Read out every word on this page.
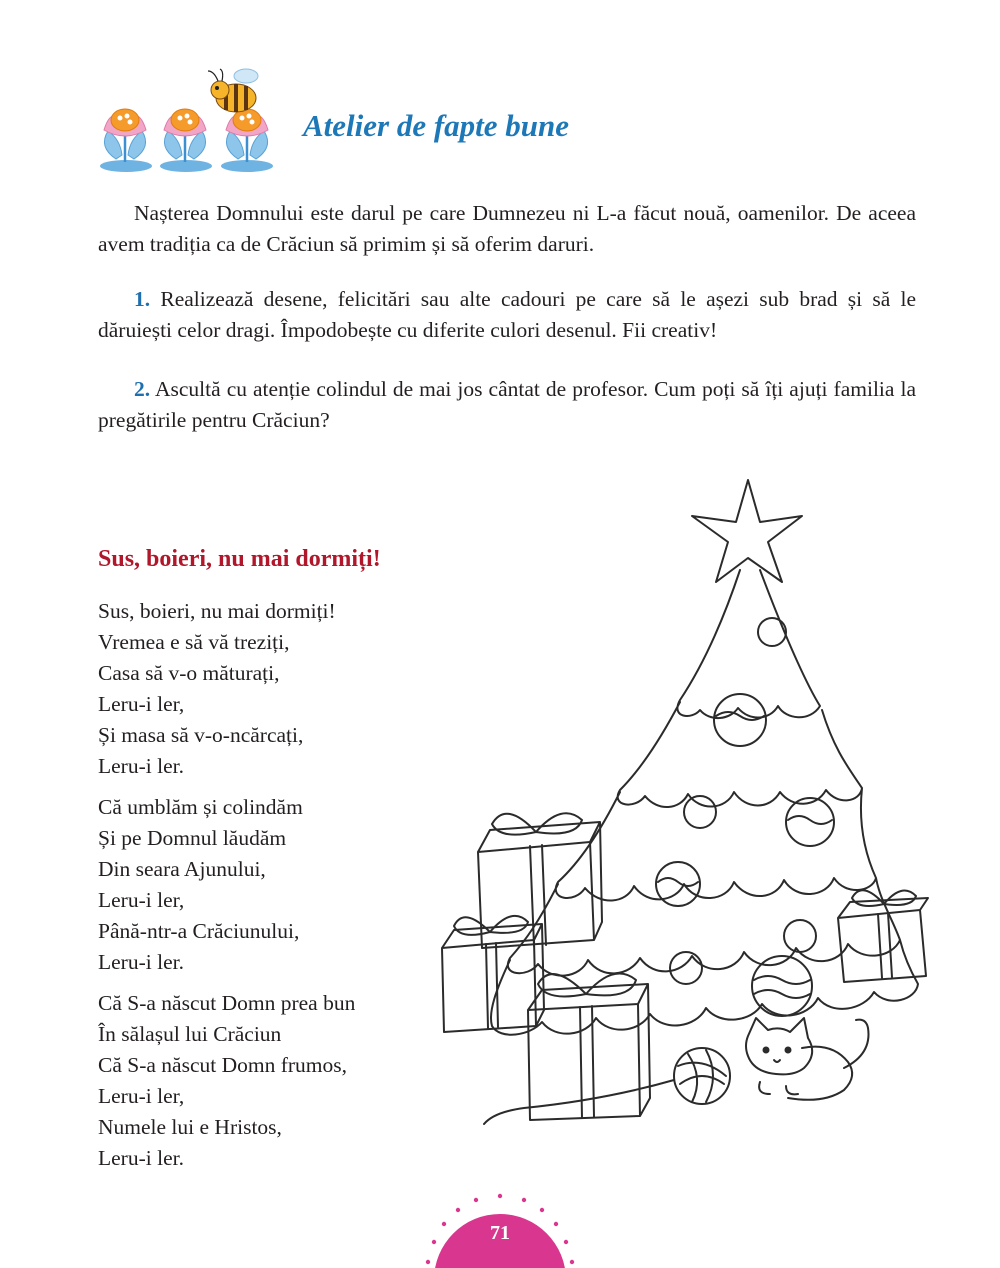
Atelier de fapte bune
Nașterea Domnului este darul pe care Dumnezeu ni L-a făcut nouă, oamenilor. De aceea avem tradiția ca de Crăciun să primim și să oferim daruri.
1. Realizează desene, felicitări sau alte cadouri pe care să le așezi sub brad și să le dăruiești celor dragi. Împodobește cu diferite culori desenul. Fii creativ!
2. Ascultă cu atenție colindul de mai jos cântat de profesor. Cum poți să îți ajuți familia la pregătirile pentru Crăciun?
Sus, boieri, nu mai dormiți!
Sus, boieri, nu mai dormiți!
Vremea e să vă treziți,
Casa să v-o măturați,
Leru-i ler,
Și masa să v-o-ncărcați,
Leru-i ler.
Că umblăm și colindăm
Și pe Domnul lăudăm
Din seara Ajunului,
Leru-i ler,
Până-ntr-a Crăciunului,
Leru-i ler.
Că S-a născut Domn prea bun
În sălașul lui Crăciun
Că S-a născut Domn frumos,
Leru-i ler,
Numele lui e Hristos,
Leru-i ler.
71
